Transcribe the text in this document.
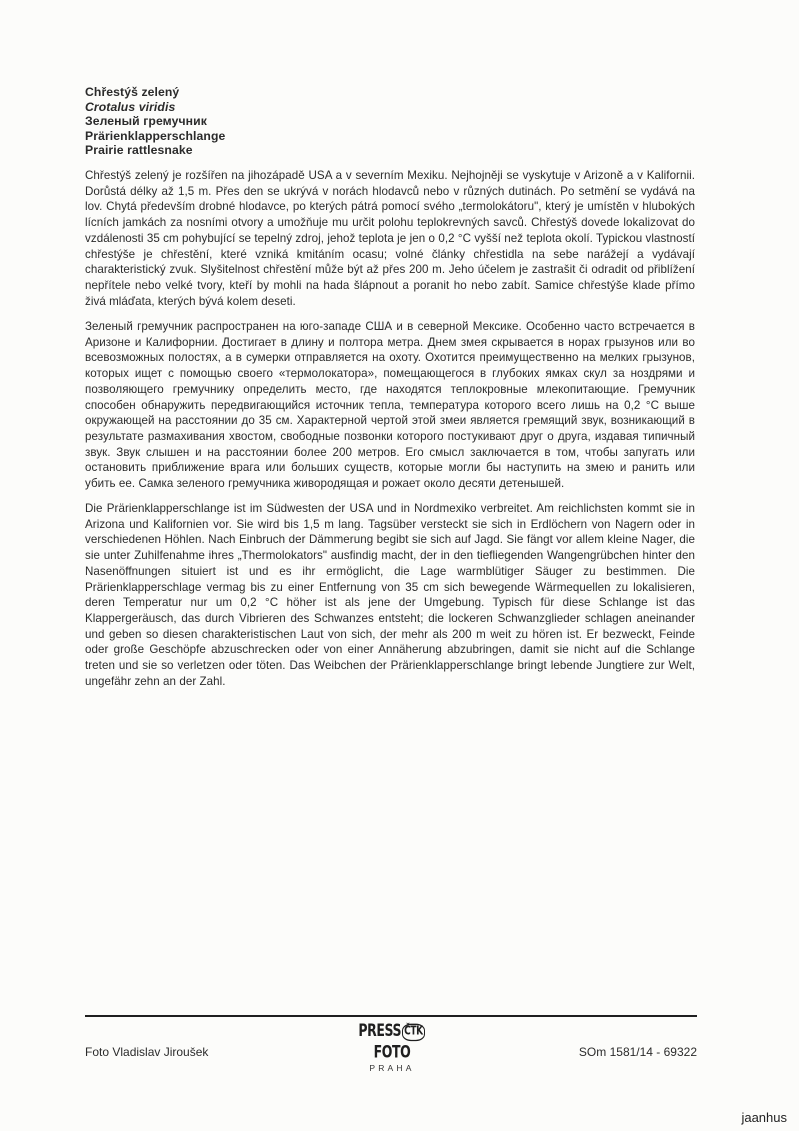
Chřestýš zelený
Crotalus viridis
Зеленый гремучник
Prärienklapperschlange
Prairie rattlesnake
Chřestýš zelený je rozšířen na jihozápadě USA a v severním Mexiku. Nejhojněji se vyskytuje v Arizoně a v Kalifornii. Dorůstá délky až 1,5 m. Přes den se ukrývá v norách hlodavců nebo v různých dutinách. Po setmění se vydává na lov. Chytá především drobné hlodavce, po kterých pátrá pomocí svého „termolokátoru", který je umístěn v hlubokých lícních jamkách za nosními otvory a umožňuje mu určit polohu teplokrevných savců. Chřestýš dovede lokalizovat do vzdálenosti 35 cm pohybující se tepelný zdroj, jehož teplota je jen o 0,2 °C vyšší než teplota okolí. Typickou vlastností chřestýše je chřestění, které vzniká kmitáním ocasu; volné články chřestidla na sebe narážejí a vydávají charakteristický zvuk. Slyšitelnost chřestění může být až přes 200 m. Jeho účelem je zastrašit či odradit od přiblížení nepřítele nebo velké tvory, kteří by mohli na hada šlápnout a poranit ho nebo zabít. Samice chřestýše klade přímo živá mláďata, kterých bývá kolem deseti.
Зеленый гремучник распространен на юго-западе США и в северной Мексике. Особенно часто встречается в Аризоне и Калифорнии. Достигает в длину и полтора метра. Днем змея скрывается в норах грызунов или во всевозможных полостях, а в сумерки отправляется на охоту. Охотится преимущественно на мелких грызунов, которых ищет с помощью своего «термолокатора», помещающегося в глубоких ямках скул за ноздрями и позволяющего гремучнику определить место, где находятся теплокровные млекопитающие. Гремучник способен обнаружить передвигающийся источник тепла, температура которого всего лишь на 0,2 °C выше окружающей на расстоянии до 35 см. Характерной чертой этой змеи является гремящий звук, возникающий в результате размахивания хвостом, свободные позвонки которого постукивают друг о друга, издавая типичный звук. Звук слышен и на расстоянии более 200 метров. Его смысл заключается в том, чтобы запугать или остановить приближение врага или больших существ, которые могли бы наступить на змею и ранить или убить ее. Самка зеленого гремучника живородящая и рожает около десяти детенышей.
Die Prärienklapperschlange ist im Südwesten der USA und in Nordmexiko verbreitet. Am reichlichsten kommt sie in Arizona und Kalifornien vor. Sie wird bis 1,5 m lang. Tagsüber versteckt sie sich in Erdlöchern von Nagern oder in verschiedenen Höhlen. Nach Einbruch der Dämmerung begibt sie sich auf Jagd. Sie fängt vor allem kleine Nager, die sie unter Zuhilfenahme ihres „Thermolokators" ausfindig macht, der in den tiefliegenden Wangengrübchen hinter den Nasenöffnungen situiert ist und es ihr ermöglicht, die Lage warmblütiger Säuger zu bestimmen. Die Prärienklapperschlage vermag bis zu einer Entfernung von 35 cm sich bewegende Wärmequellen zu lokalisieren, deren Temperatur nur um 0,2 °C höher ist als jene der Umgebung. Typisch für diese Schlange ist das Klappergeräusch, das durch Vibrieren des Schwanzes entsteht; die lockeren Schwanzglieder schlagen aneinander und geben so diesen charakteristischen Laut von sich, der mehr als 200 m weit zu hören ist. Er bezweckt, Feinde oder große Geschöpfe abzuschrecken oder von einer Annäherung abzubringen, damit sie nicht auf die Schlange treten und sie so verletzen oder töten. Das Weibchen der Prärienklapperschlange bringt lebende Jungtiere zur Welt, ungefähr zehn an der Zahl.
Foto Vladislav Jiroušek
PRESS ČTKFOTO
PRAHA
SOm 1581/14 - 69322
jaanhus
